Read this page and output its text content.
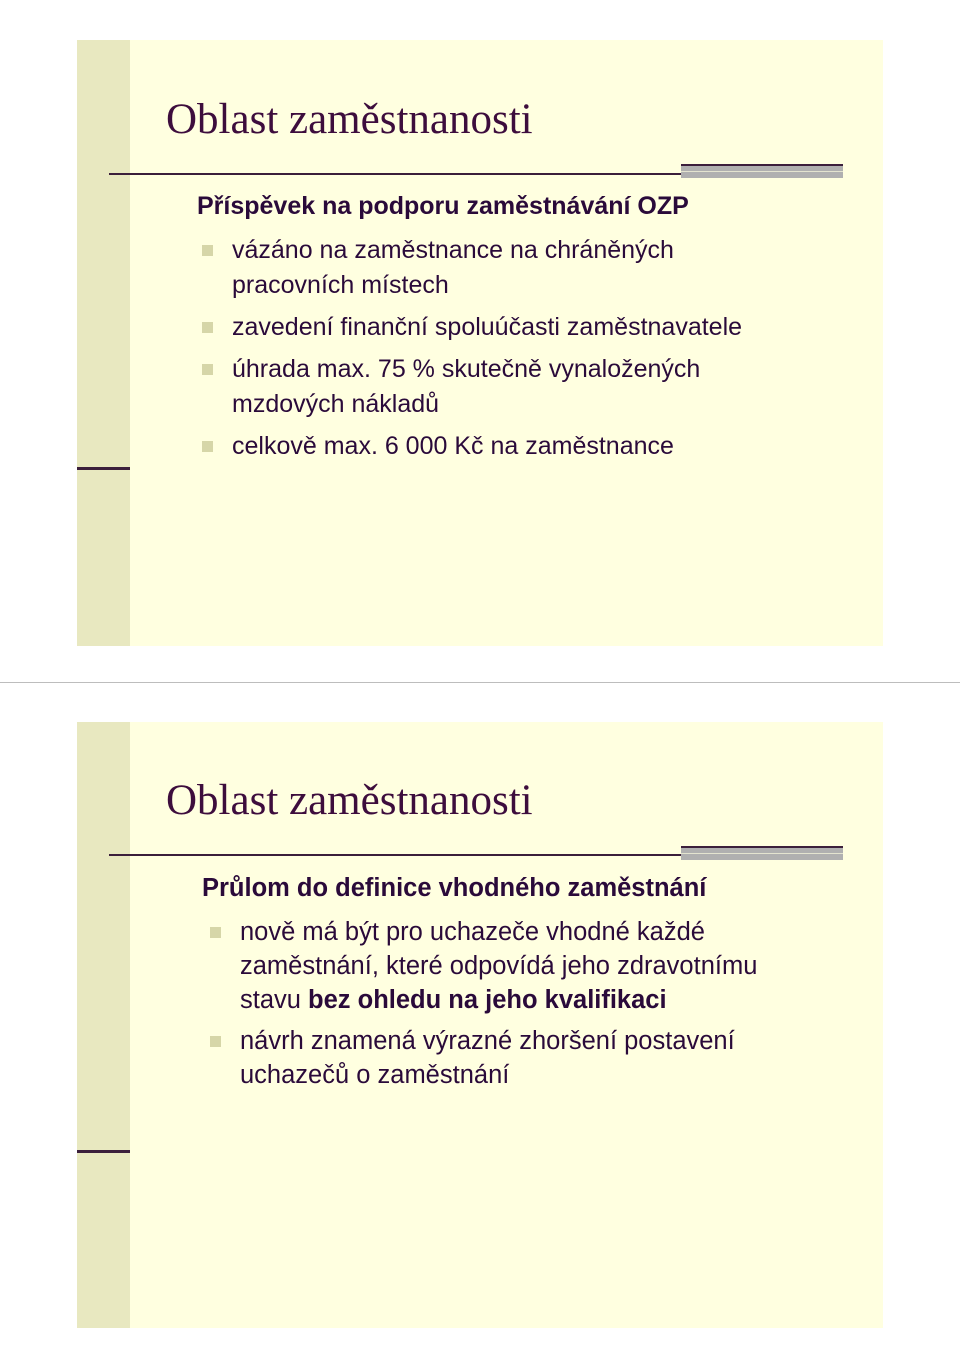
Oblast zaměstnanosti
Příspěvek na podporu zaměstnávání OZP
vázáno na zaměstnance na chráněných
pracovních místech
zavedení finanční spoluúčasti zaměstnavatele
úhrada max. 75 % skutečně vynaložených
mzdových nákladů
celkově max. 6 000 Kč na zaměstnance
Oblast zaměstnanosti
Průlom do definice vhodného zaměstnání
nově má být pro uchazeče vhodné každé
zaměstnání, které odpovídá jeho zdravotnímu
stavu bez ohledu na jeho kvalifikaci
návrh znamená výrazné zhoršení postavení
uchazečů o zaměstnání
